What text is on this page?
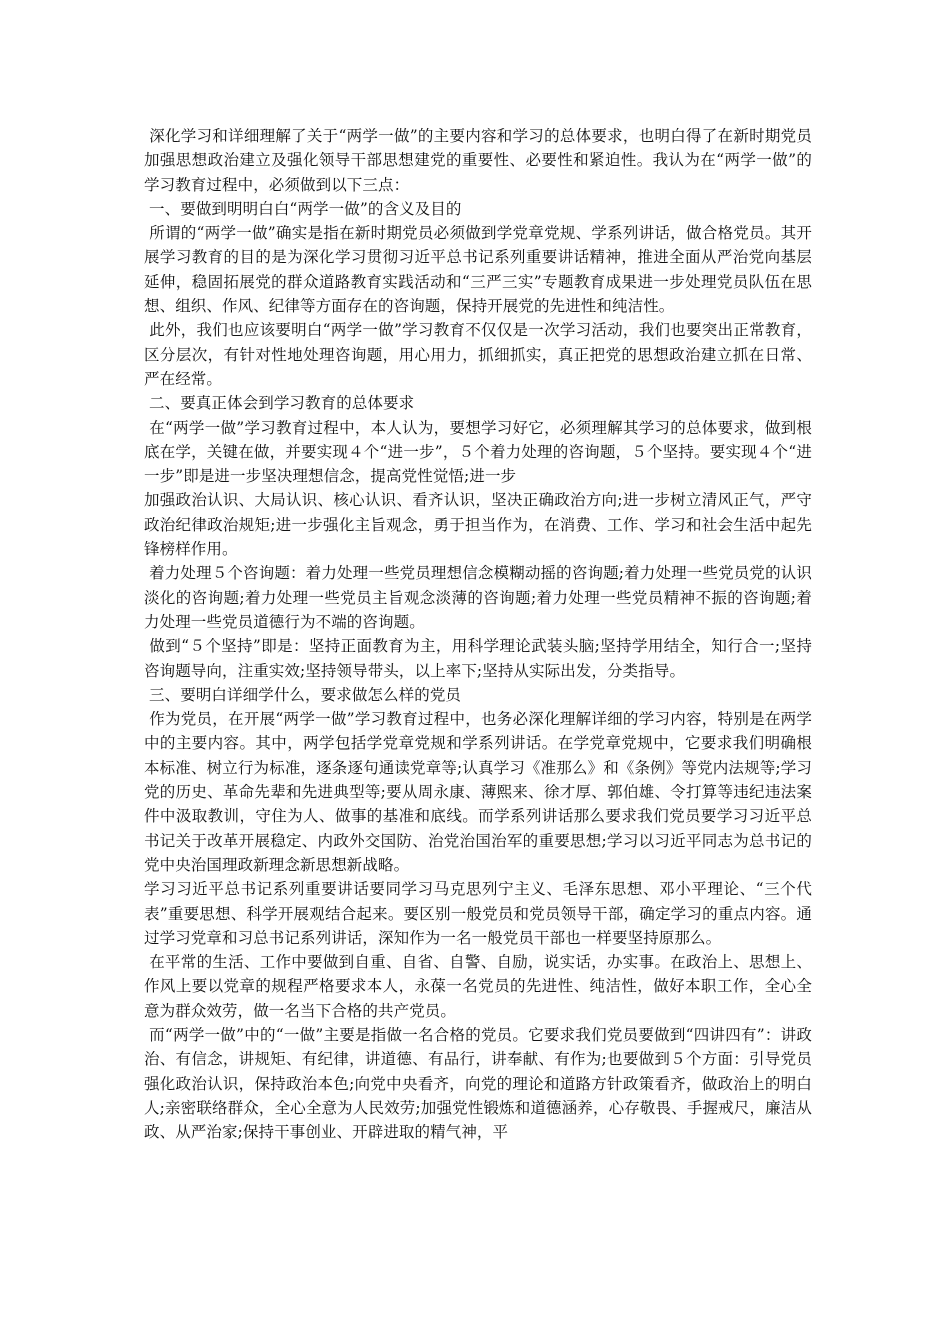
深化学习和详细理解了关于“两学一做”的主要内容和学习的总体要求，也明白得了在新时期党员加强思想政治建立及强化领导干部思想建党的重要性、必要性和紧迫性。我认为在“两学一做”的学习教育过程中，必须做到以下三点：

一、要做到明明白白“两学一做”的含义及目的

所谓的“两学一做”确实是指在新时期党员必须做到学党章党规、学系列讲话，做合格党员。其开展学习教育的目的是为深化学习贯彻习近平总书记系列重要讲话精神，推进全面从严治党向基层延伸，稳固拓展党的群众道路教育实践活动和“三严三实”专题教育成果进一步处理党员队伍在思想、组织、作风、纪律等方面存在的咨询题，保持开展党的先进性和纯洁性。

此外，我们也应该要明白“两学一做”学习教育不仅仅是一次学习活动，我们也要突出正常教育，区分层次，有针对性地处理咨询题，用心用力，抓细抓实，真正把党的思想政治建立抓在日常、严在经常。

二、要真正体会到学习教育的总体要求

在“两学一做”学习教育过程中，本人认为，要想学习好它，必须理解其学习的总体要求，做到根底在学，关键在做，并要实现４个“进一步”，５个着力处理的咨询题，５个坚持。要实现４个“进一步”即是进一步坚决理想信念，提高党性觉悟;进一步

加强政治认识、大局认识、核心认识、看齐认识，坚决正确政治方向;进一步树立清风正气，严守政治纪律政治规矩;进一步强化主旨观念，勇于担当作为，在消费、工作、学习和社会生活中起先锋榜样作用。

着力处理５个咨询题：着力处理一些党员理想信念模糊动摇的咨询题;着力处理一些党员党的认识淡化的咨询题;着力处理一些党员主旨观念淡薄的咨询题;着力处理一些党员精神不振的咨询题;着力处理一些党员道德行为不端的咨询题。

做到“５个坚持”即是：坚持正面教育为主，用科学理论武装头脑;坚持学用结全，知行合一;坚持咨询题导向，注重实效;坚持领导带头，以上率下;坚持从实际出发，分类指导。

三、要明白详细学什么，要求做怎么样的党员

作为党员，在开展“两学一做”学习教育过程中，也务必深化理解详细的学习内容，特别是在两学中的主要内容。其中，两学包括学党章党规和学系列讲话。在学党章党规中，它要求我们明确根本标准、树立行为标准，逐条逐句通读党章等;认真学习《准那么》和《条例》等党内法规等;学习党的历史、革命先辈和先进典型等;要从周永康、薄熙来、徐才厚、郭伯雄、令打算等违纪违法案件中汲取教训，守住为人、做事的基准和底线。而学系列讲话那么要求我们党员要学习习近平总书记关于改革开展稳定、内政外交国防、治党治国治军的重要思想;学习以习近平同志为总书记的党中央治国理政新理念新思想新战略。

学习习近平总书记系列重要讲话要同学习马克思列宁主义、毛泽东思想、邓小平理论、“三个代表”重要思想、科学开展观结合起来。要区别一般党员和党员领导干部，确定学习的重点内容。通过学习党章和习总书记系列讲话，深知作为一名一般党员干部也一样要坚持原那么。

在平常的生活、工作中要做到自重、自省、自警、自励，说实话，办实事。在政治上、思想上、作风上要以党章的规程严格要求本人，永葆一名党员的先进性、纯洁性，做好本职工作，全心全意为群众效劳，做一名当下合格的共产党员。

而“两学一做”中的“一做”主要是指做一名合格的党员。它要求我们党员要做到“四讲四有”：讲政治、有信念，讲规矩、有纪律，讲道德、有品行，讲奉献、有作为;也要做到５个方面：引导党员强化政治认识，保持政治本色;向党中央看齐，向党的理论和道路方针政策看齐，做政治上的明白人;亲密联络群众，全心全意为人民效劳;加强党性锻炼和道德涵养，心存敬畏、手握戒尺，廉洁从政、从严治家;保持干事创业、开辟进取的精气神，平
